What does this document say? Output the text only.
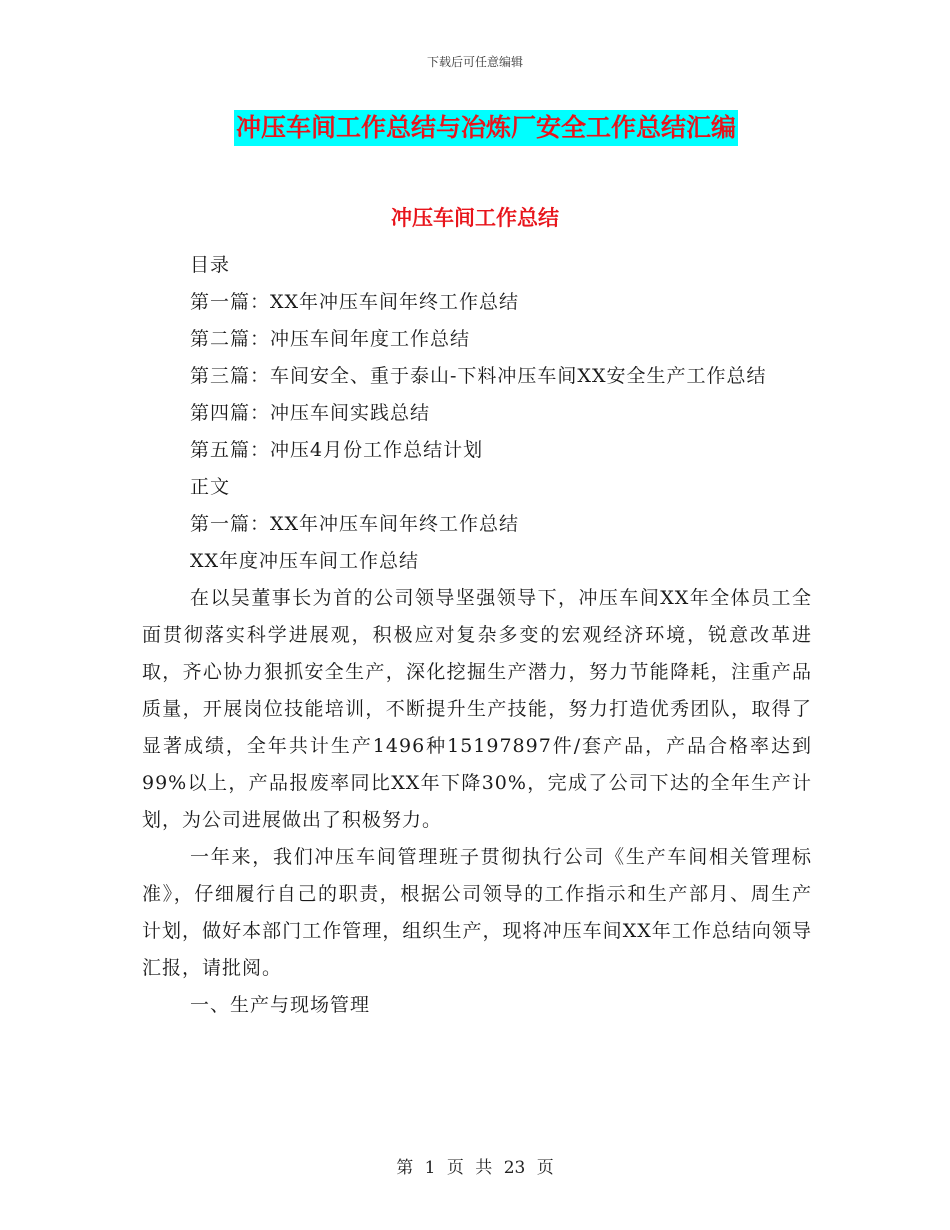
下载后可任意编辑
冲压车间工作总结与冶炼厂安全工作总结汇编
冲压车间工作总结

目录

第一篇：XX年冲压车间年终工作总结

第二篇：冲压车间年度工作总结

第三篇：车间安全、重于泰山-下料冲压车间XX安全生产工作总结

第四篇：冲压车间实践总结

第五篇：冲压4月份工作总结计划

正文

第一篇：XX年冲压车间年终工作总结

XX年度冲压车间工作总结

在以吴董事长为首的公司领导坚强领导下，冲压车间XX年全体员工全面贯彻落实科学进展观，积极应对复杂多变的宏观经济环境，锐意改革进取，齐心协力狠抓安全生产，深化挖掘生产潜力，努力节能降耗，注重产品质量，开展岗位技能培训，不断提升生产技能，努力打造优秀团队，取得了显著成绩，全年共计生产1496种15197897件/套产品，产品合格率达到99%以上，产品报废率同比XX年下降30%，完成了公司下达的全年生产计划，为公司进展做出了积极努力。

一年来，我们冲压车间管理班子贯彻执行公司《生产车间相关管理标准》，仔细履行自己的职责，根据公司领导的工作指示和生产部月、周生产计划，做好本部门工作管理，组织生产，现将冲压车间XX年工作总结向领导汇报，请批阅。

一、生产与现场管理

第 1 页 共 23 页
